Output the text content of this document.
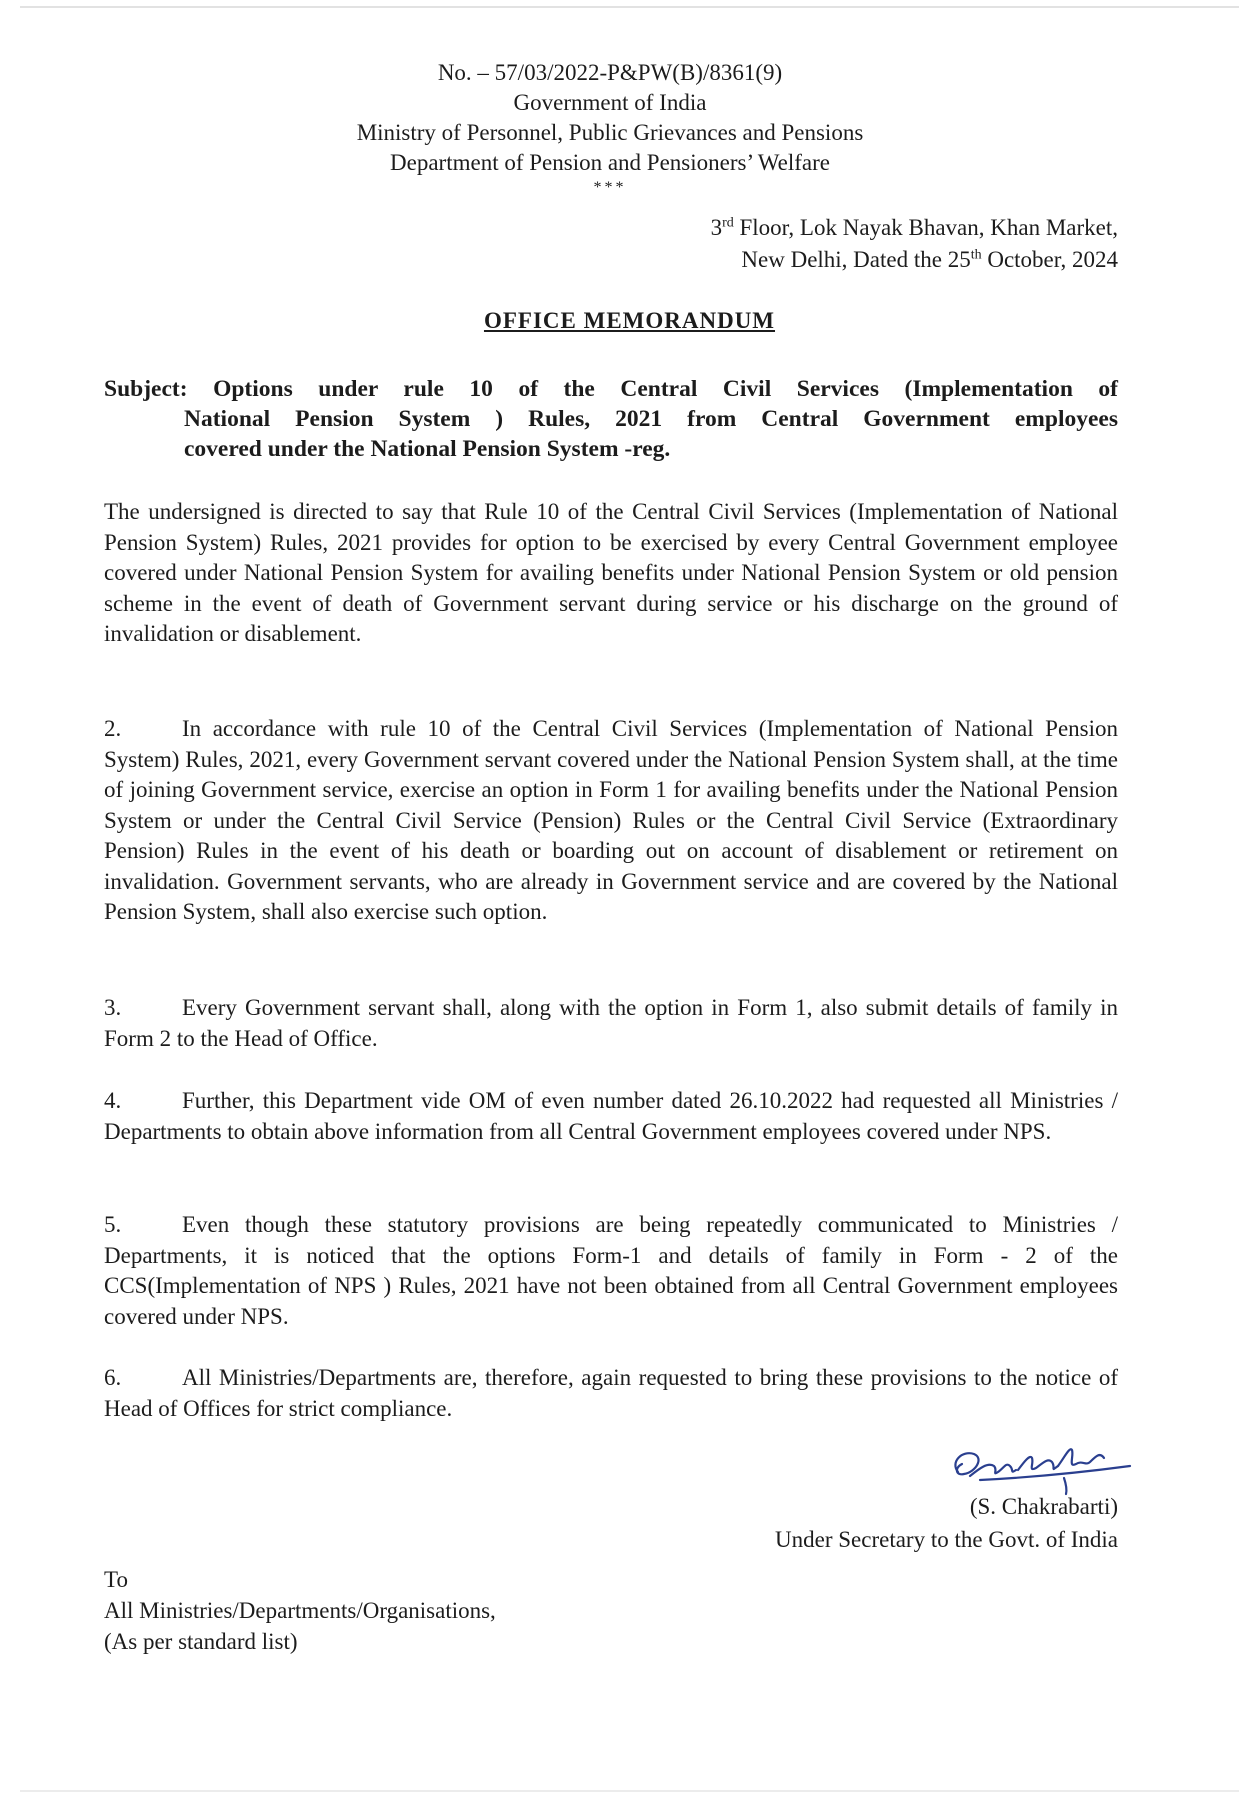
No. – 57/03/2022-P&PW(B)/8361(9)
Government of India
Ministry of Personnel, Public Grievances and Pensions
Department of Pension and Pensioners’ Welfare
***
3rd Floor, Lok Nayak Bhavan, Khan Market,
New Delhi, Dated the 25th October, 2024
OFFICE MEMORANDUM
Subject: Options under rule 10 of the Central Civil Services (Implementation of
National Pension System ) Rules, 2021 from Central Government employees
covered under the National Pension System -reg.

The undersigned is directed to say that Rule 10 of the Central Civil Services (Implementation of National Pension System) Rules, 2021 provides for option to be exercised by every Central Government employee covered under National Pension System for availing benefits under National Pension System or old pension scheme in the event of death of Government servant during service or his discharge on the ground of invalidation or disablement.

2.	In accordance with rule 10 of the Central Civil Services (Implementation of National Pension System) Rules, 2021, every Government servant covered under the National Pension System shall, at the time of joining Government service, exercise an option in Form 1 for availing benefits under the National Pension System or under the Central Civil Service (Pension) Rules or the Central Civil Service (Extraordinary Pension) Rules in the event of his death or boarding out on account of disablement or retirement on invalidation. Government servants, who are already in Government service and are covered by the National Pension System, shall also exercise such option.

3.	Every Government servant shall, along with the option in Form 1, also submit details of family in Form 2 to the Head of Office.

4.	Further, this Department vide OM of even number dated 26.10.2022 had requested all Ministries / Departments to obtain above information from all Central Government employees covered under NPS.

5.	Even though these statutory provisions are being repeatedly communicated to Ministries / Departments, it is noticed that the options Form-1 and details of family in Form - 2 of the CCS(Implementation of NPS ) Rules, 2021 have not been obtained from all Central Government employees covered under NPS.

6.	All Ministries/Departments are, therefore, again requested to bring these provisions to the notice of Head of Offices for strict compliance.

(S. Chakrabarti)
Under Secretary to the Govt. of India
To
All Ministries/Departments/Organisations,
(As per standard list)
